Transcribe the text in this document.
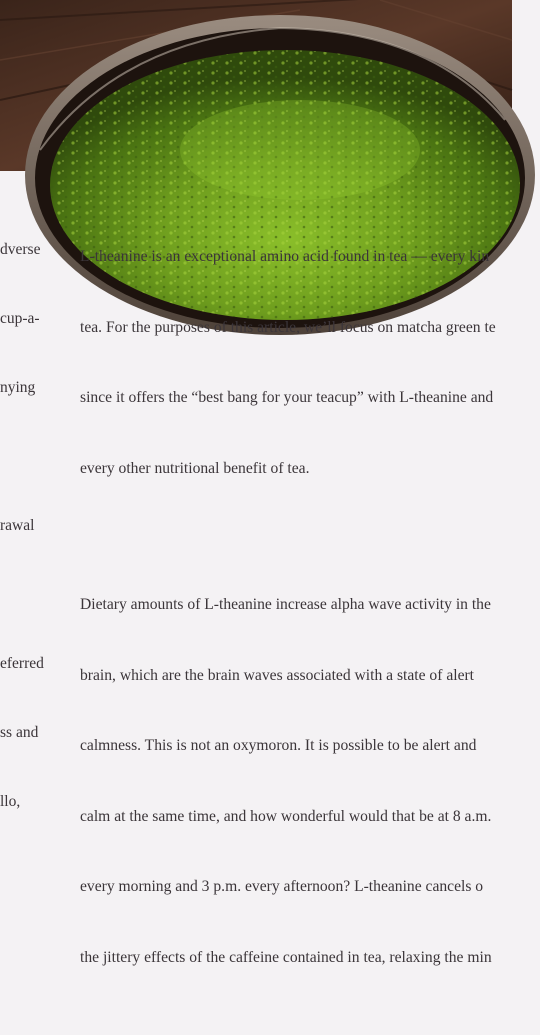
dverse

cup-a-

nying

rawal

eferred

ss and

llo,

L-theanine is an exceptional amino acid found in tea — every kin

tea. For the purposes of this article, we’ll focus on matcha green te

since it offers the “best bang for your teacup” with L-theanine and

every other nutritional benefit of tea.

Dietary amounts of L-theanine increase alpha wave activity in the

brain, which are the brain waves associated with a state of alert

calmness. This is not an oxymoron. It is possible to be alert and

calm at the same time, and how wonderful would that be at 8 a.m.

every morning and 3 p.m. every afternoon? L-theanine cancels o

the jittery effects of the caffeine contained in tea, relaxing the min
